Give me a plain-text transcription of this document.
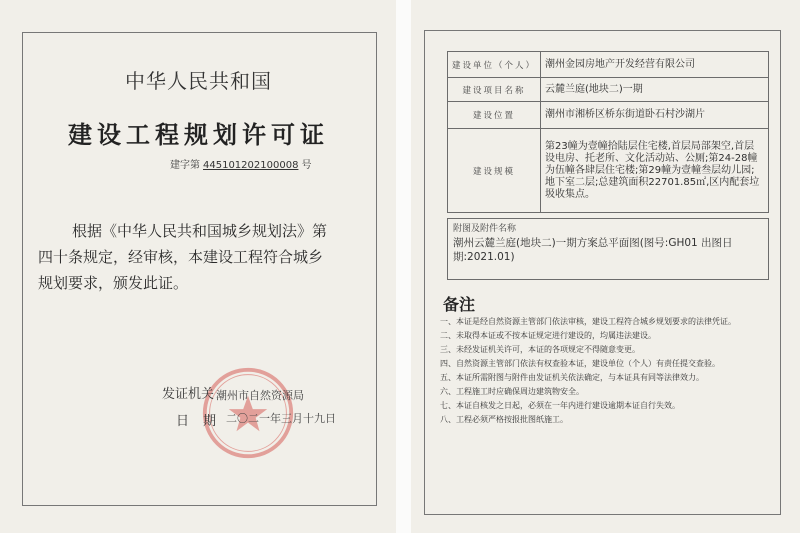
中华人民共和国
建设工程规划许可证
建字第 445101202100008 号
根据《中华人民共和国城乡规划法》第
四十条规定，经审核，本建设工程符合城乡
规划要求，颁发此证。
发证机关 潮州市自然资源局
日期
二〇二一年三月十九日
建设单位（个人）	潮州金园房地产开发经营有限公司
建设项目名称	云麓兰庭(地块二)一期
建设位置	潮州市湘桥区桥东街道卧石村沙湖片
建设规模	第23幢为壹幢拾陆层住宅楼,首层局部架空,首层设电房、托老所、文化活动站、公厕;第24-28幢为伍幢各肆层住宅楼;第29幢为壹幢叁层幼儿园;地下室二层;总建筑面积22701.85㎡,区内配套垃圾收集点。
附图及附件名称
潮州云麓兰庭(地块二)一期方案总平面图(图号:GH01 出图日期:2021.01)
备注
一、本证是经自然资源主管部门依法审核，建设工程符合城乡规划要求的法律凭证。
二、未取得本证或不按本证规定进行建设的，均属违法建设。
三、未经发证机关许可，本证的各项规定不得随意变更。
四、自然资源主管部门依法有权查验本证，建设单位（个人）有责任提交查验。
五、本证所需附图与附件由发证机关依法确定，与本证具有同等法律效力。
六、工程施工时应确保周边建筑物安全。
七、本证自核发之日起，必须在一年内进行建设逾期本证自行失效。
八、工程必须严格按报批图纸施工。
